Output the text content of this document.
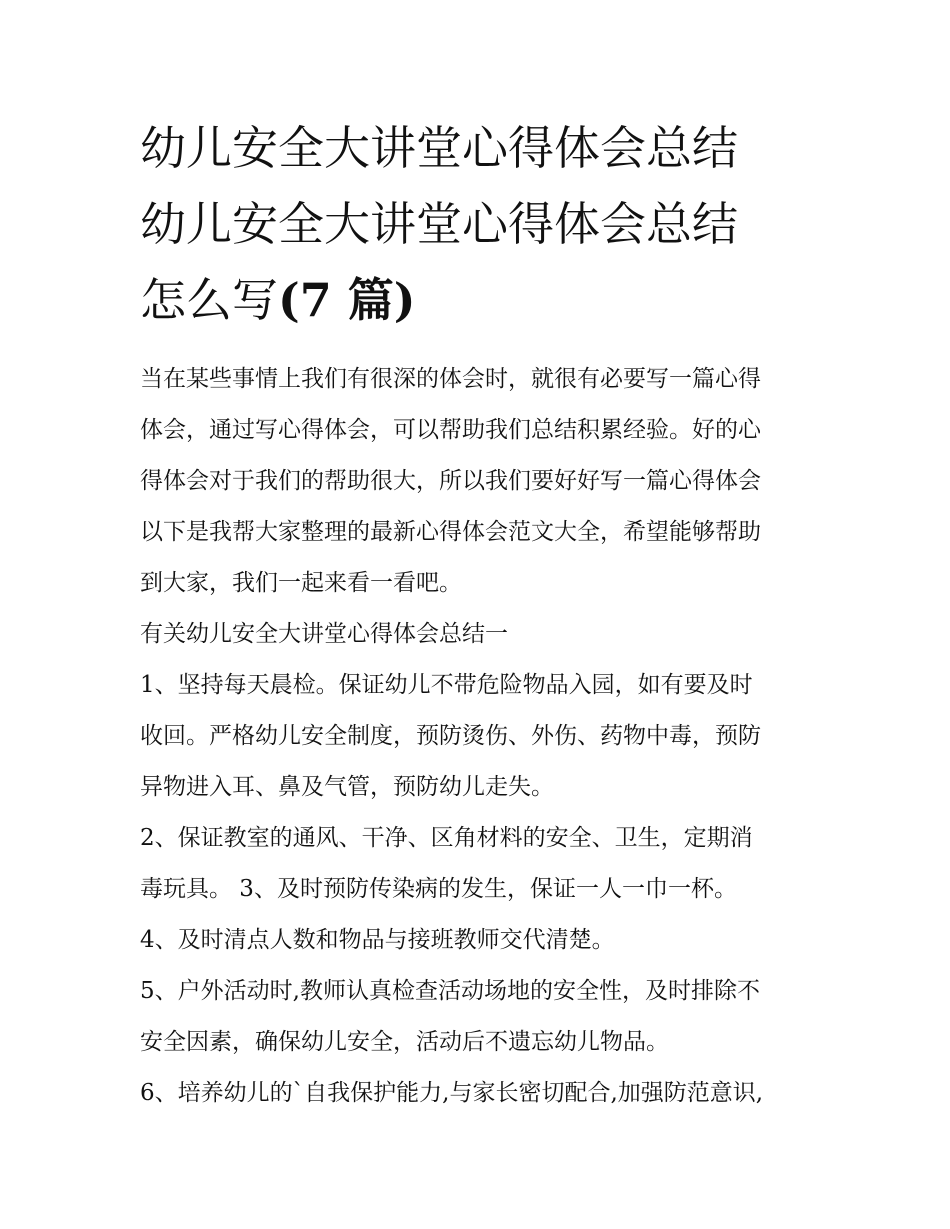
幼儿安全大讲堂心得体会总结
幼儿安全大讲堂心得体会总结
怎么写(7 篇)

当在某些事情上我们有很深的体会时，就很有必要写一篇心得

体会，通过写心得体会，可以帮助我们总结积累经验。好的心

得体会对于我们的帮助很大，所以我们要好好写一篇心得体会

以下是我帮大家整理的最新心得体会范文大全，希望能够帮助

到大家，我们一起来看一看吧。

有关幼儿安全大讲堂心得体会总结一

1、坚持每天晨检。保证幼儿不带危险物品入园，如有要及时

收回。严格幼儿安全制度，预防烫伤、外伤、药物中毒，预防

异物进入耳、鼻及气管，预防幼儿走失。

2、保证教室的通风、干净、区角材料的安全、卫生，定期消

毒玩具。 3、及时预防传染病的发生，保证一人一巾一杯。

4、及时清点人数和物品与接班教师交代清楚。

5、户外活动时,教师认真检查活动场地的安全性，及时排除不

安全因素，确保幼儿安全，活动后不遗忘幼儿物品。

6、培养幼儿的`自我保护能力,与家长密切配合,加强防范意识,
